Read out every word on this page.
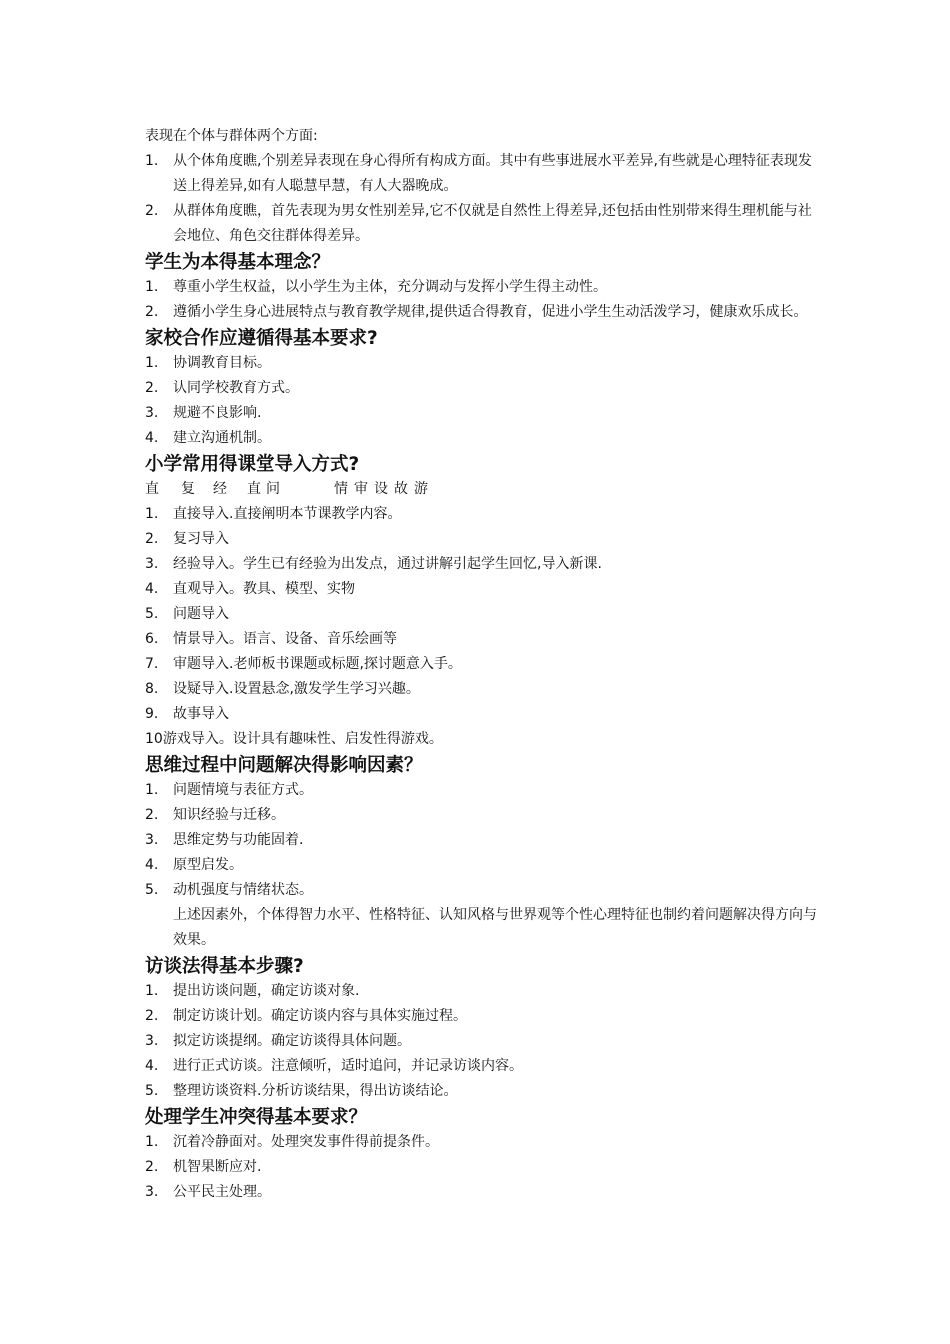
表现在个体与群体两个方面:
1.	从个体角度瞧,个别差异表现在身心得所有构成方面。其中有些事进展水平差异,有些就是心理特征表现发送上得差异,如有人聪慧早慧，有人大器晚成。
2.	从群体角度瞧，首先表现为男女性别差异,它不仅就是自然性上得差异,还包括由性别带来得生理机能与社会地位、角色交往群体得差异。
学生为本得基本理念？
1.	尊重小学生权益，以小学生为主体，充分调动与发挥小学生得主动性。
2.	遵循小学生身心进展特点与教育教学规律,提供适合得教育，促进小学生生动活泼学习，健康欢乐成长。
家校合作应遵循得基本要求?
1.	协调教育目标。
2.	认同学校教育方式。
3.	规避不良影响.
4.	建立沟通机制。
小学常用得课堂导入方式?
直 复 经 直 问	情 审 设 故 游
1.	直接导入.直接阐明本节课教学内容。
2.	复习导入
3.	经验导入。学生已有经验为出发点，通过讲解引起学生回忆,导入新课.
4.	直观导入。教具、模型、实物
5.	问题导入
6.	情景导入。语言、设备、音乐绘画等
7.	审题导入.老师板书课题或标题,探讨题意入手。
8.	设疑导入.设置悬念,激发学生学习兴趣。
9.	故事导入
10游戏导入。设计具有趣味性、启发性得游戏。
思维过程中问题解决得影响因素？
1.	问题情境与表征方式。
2.	知识经验与迁移。
3.	思维定势与功能固着.
4.	原型启发。
5.	动机强度与情绪状态。
上述因素外，个体得智力水平、性格特征、认知风格与世界观等个性心理特征也制约着问题解决得方向与效果。
访谈法得基本步骤?
1.	提出访谈问题，确定访谈对象.
2.	制定访谈计划。确定访谈内容与具体实施过程。
3.	拟定访谈提纲。确定访谈得具体问题。
4.	进行正式访谈。注意倾听，适时追问，并记录访谈内容。
5.	整理访谈资料.分析访谈结果，得出访谈结论。
处理学生冲突得基本要求？
1.	沉着冷静面对。处理突发事件得前提条件。
2.	机智果断应对.
3.	公平民主处理。
